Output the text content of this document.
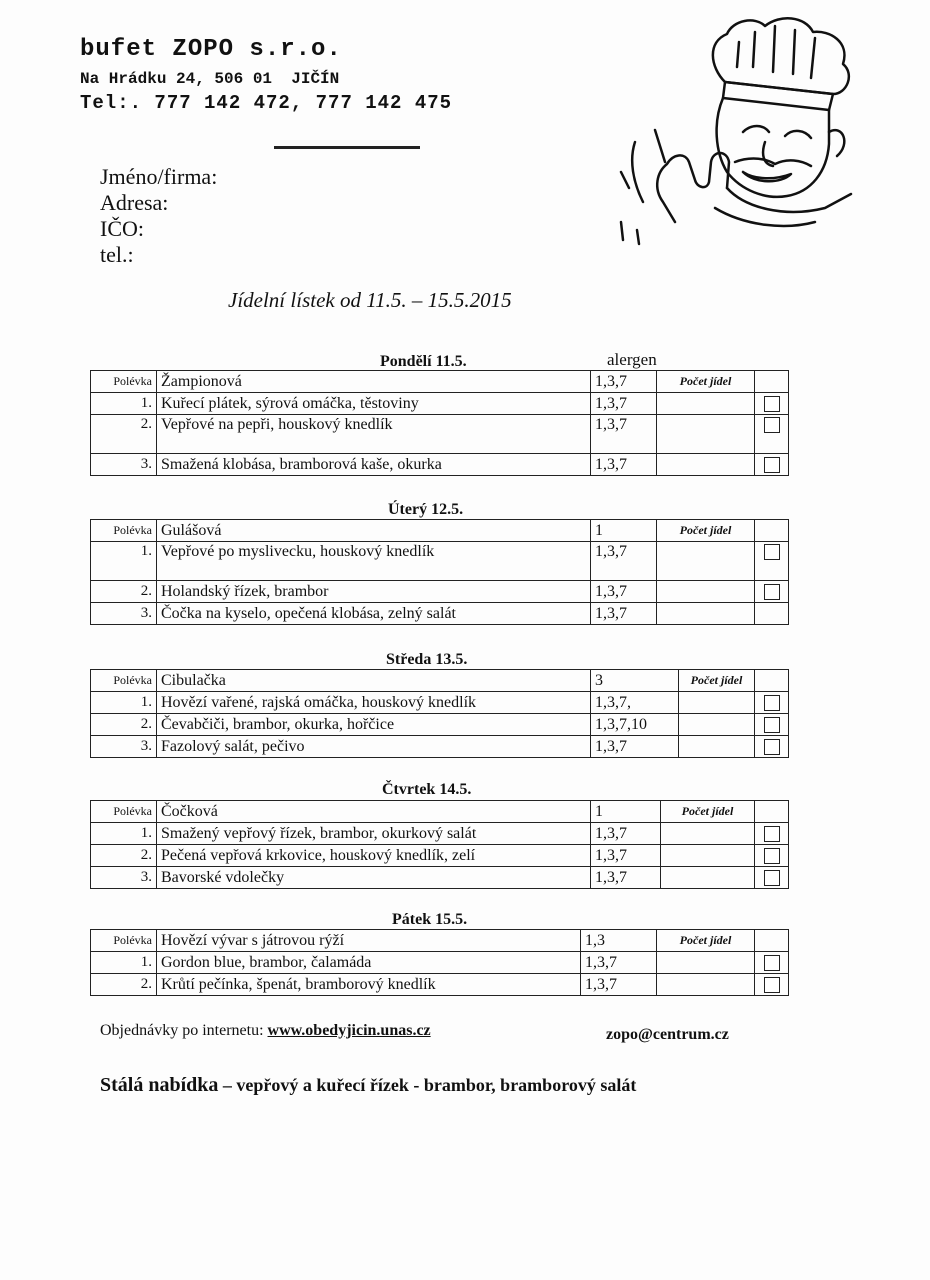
bufet ZOPO s.r.o.
Na Hrádku 24, 506 01  JIČÍN
Tel:. 777 142 472, 777 142 475
Jméno/firma:
Adresa:
IČO:
tel.:
Jídelní lístek od 11.5. – 15.5.2015
alergen
Pondělí 11.5.
Úterý 12.5.
Středa 13.5.
Čtvrtek 14.5.
Pátek 15.5.
Polévka	Žampionová	1,3,7	Počet jídel	
1.	Kuřecí plátek, sýrová omáčka, těstoviny	1,3,7		
2.	Vepřové na pepři, houskový knedlík	1,3,7		
3.	Smažená klobása, bramborová kaše, okurka	1,3,7		
Polévka	Gulášová	1	Počet jídel	
1.	Vepřové po myslivecku, houskový knedlík	1,3,7		
2.	Holandský řízek, brambor	1,3,7		
3.	Čočka na kyselo, opečená klobása, zelný salát	1,3,7		
Polévka	Cibulačka	3	Počet jídel	
1.	Hovězí vařené, rajská omáčka, houskový knedlík	1,3,7,		
2.	Čevabčiči, brambor, okurka, hořčice	1,3,7,10		
3.	Fazolový salát, pečivo	1,3,7		
Polévka	Čočková	1	Počet jídel	
1.	Smažený vepřový řízek, brambor, okurkový salát	1,3,7		
2.	Pečená vepřová krkovice, houskový knedlík, zelí	1,3,7		
3.	Bavorské vdolečky	1,3,7		
Polévka	Hovězí vývar s játrovou rýží	1,3	Počet jídel	
1.	Gordon blue, brambor, čalamáda	1,3,7		
2.	Krůtí pečínka, špenát, bramborový knedlík	1,3,7		
Objednávky po internetu: www.obedyjicin.unas.cz	zopo@centrum.cz
Stálá nabídka – vepřový a kuřecí řízek - brambor, bramborový salát
